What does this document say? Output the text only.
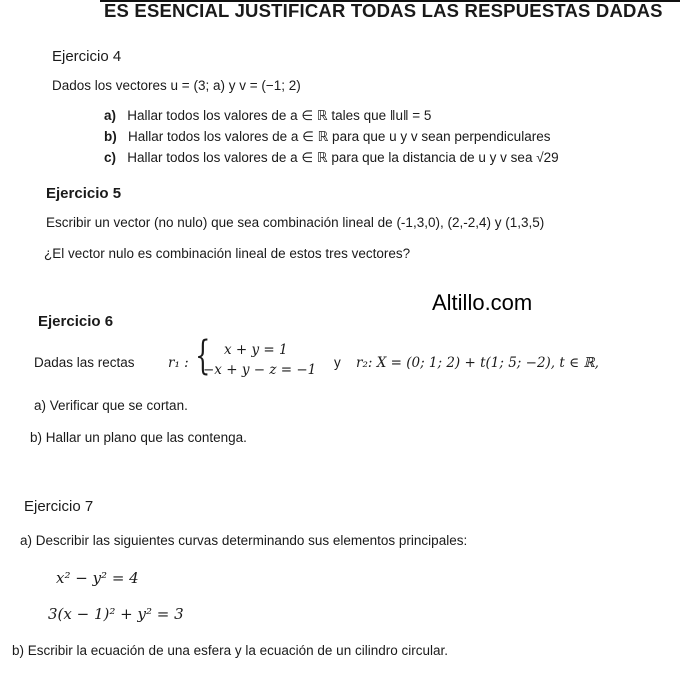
ES ESENCIAL JUSTIFICAR TODAS LAS RESPUESTAS DADAS
Ejercicio 4
Dados los vectores u = (3; a) y v = (−1; 2)
a) Hallar todos los valores de a ∈ ℝ tales que ‖u‖ = 5
b) Hallar todos los valores de a ∈ ℝ para que u y v sean perpendiculares
c) Hallar todos los valores de a ∈ ℝ para que la distancia de u y v sea √29
Ejercicio 5
Escribir un vector (no nulo) que sea combinación lineal de (-1,3,0), (2,-2,4) y (1,3,5)
¿El vector nulo es combinación lineal de estos tres vectores?
Altillo.com
Ejercicio 6
Dadas las rectas r₁ : { x + y = 1
−x + y − z = −1 y r₂: X = (0; 1; 2) + t(1; 5; −2), t ∈ ℝ,
a) Verificar que se cortan.
b) Hallar un plano que las contenga.
Ejercicio 7
a) Describir las siguientes curvas determinando sus elementos principales:
x² − y² = 4
3(x − 1)² + y² = 3
b) Escribir la ecuación de una esfera y la ecuación de un cilindro circular.
